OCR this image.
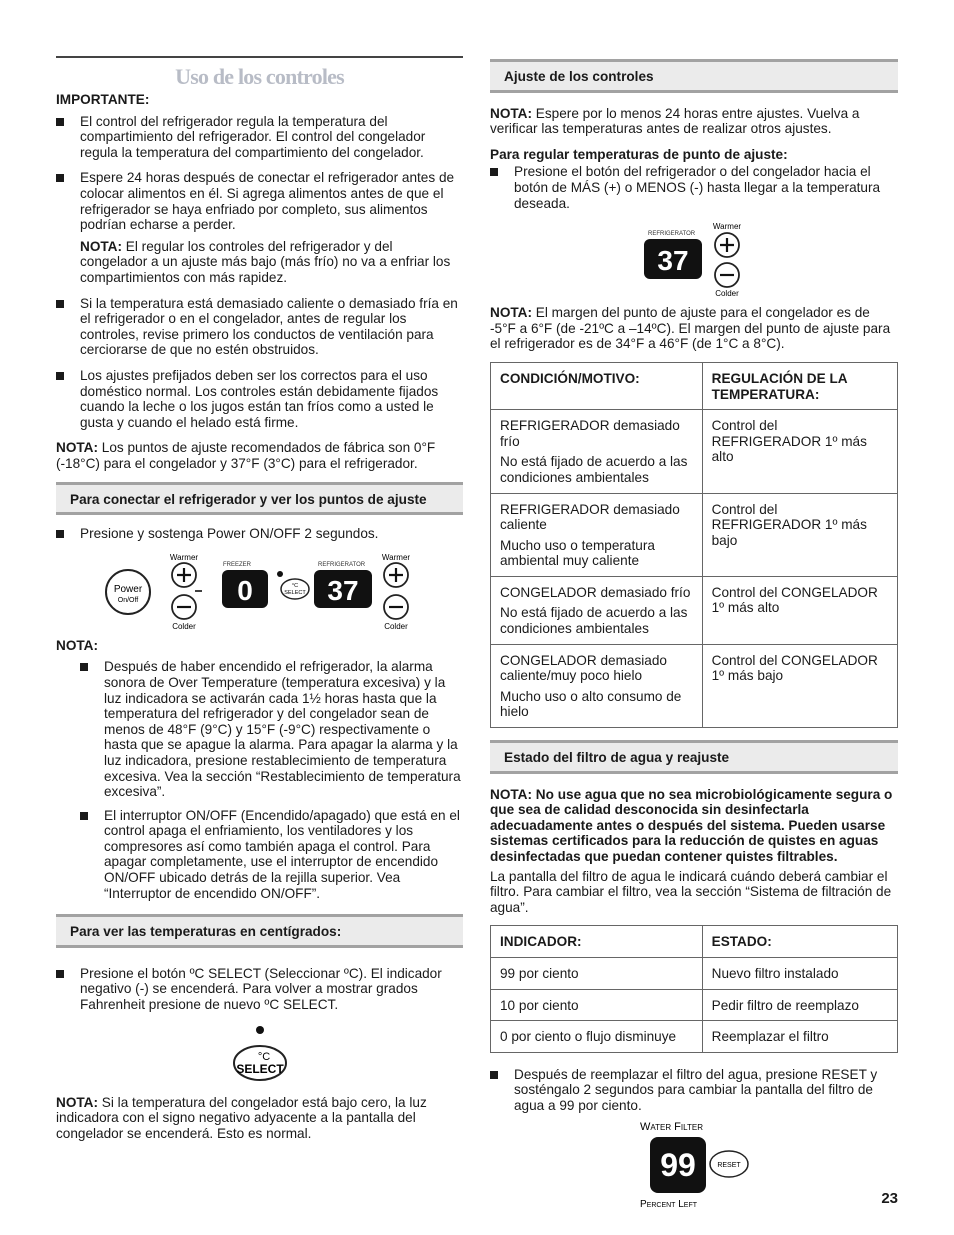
Uso de los controles

IMPORTANTE:

El control del refrigerador regula la temperatura del compartimiento del refrigerador. El control del congelador regula la temperatura del compartimiento del congelador.
Espere 24 horas después de conectar el refrigerador antes de colocar alimentos en él. Si agrega alimentos antes de que el refrigerador se haya enfriado por completo, sus alimentos podrían echarse a perder.

NOTA: El regular los controles del refrigerador y del congelador a un ajuste más bajo (más frío) no va a enfriar los compartimientos con más rapidez.

Si la temperatura está demasiado caliente o demasiado fría en el refrigerador o en el congelador, antes de regular los controles, revise primero los conductos de ventilación para cerciorarse de que no estén obstruidos.
Los ajustes prefijados deben ser los correctos para el uso doméstico normal. Los controles están debidamente fijados cuando la leche o los jugos están tan fríos como a usted le gusta y cuando el helado está firme.

NOTA: Los puntos de ajuste recomendados de fábrica son 0°F (-18°C) para el congelador y 37°F (3°C) para el refrigerador.

Para conectar el refrigerador y ver los puntos de ajuste
Presione y sostenga Power ON/OFF 2 segundos.
Power
On/Off
Warmer
Colder
FREEZER
0	°C
SELECT
REFRIGERATOR
37
Warmer
Colder

NOTA:

Después de haber encendido el refrigerador, la alarma sonora de Over Temperature (temperatura excesiva) y la luz indicadora se activarán cada 1½ horas hasta que la temperatura del refrigerador y del congelador sean de menos de 48°F (9°C) y 15°F (-9°C) respectivamente o hasta que se apague la alarma. Para apagar la alarma y la luz indicadora, presione restablecimiento de temperatura excesiva. Vea la sección “Restablecimiento de temperatura excesiva”.
El interruptor ON/OFF (Encendido/apagado) que está en el control apaga el enfriamiento, los ventiladores y los compresores así como también apaga el control. Para apagar completamente, use el interruptor de encendido ON/OFF ubicado detrás de la rejilla superior. Vea “Interruptor de encendido ON/OFF”.
Para ver las temperaturas en centígrados:
Presione el botón ºC SELECT (Seleccionar ºC). El indicador negativo (-) se encenderá. Para volver a mostrar grados Fahrenheit presione de nuevo ºC SELECT.
°C
SELECT

NOTA: Si la temperatura del congelador está bajo cero, la luz indicadora con el signo negativo adyacente a la pantalla del congelador se encenderá. Esto es normal.

Ajuste de los controles

NOTA: Espere por lo menos 24 horas entre ajustes. Vuelva a verificar las temperaturas antes de realizar otros ajustes.

Para regular temperaturas de punto de ajuste:

Presione el botón del refrigerador o del congelador hacia el botón de MÁS (+) o MENOS (-) hasta llegar a la temperatura deseada.
REFRIGERATOR
37
Warmer
Colder

NOTA: El margen del punto de ajuste para el congelador es de -5°F a 6°F (de -21ºC a –14ºC). El margen del punto de ajuste para el refrigerador es de 34°F a 46°F (de 1°C a 8°C).

CONDICIÓN/MOTIVO:	REGULACIÓN DE LA TEMPERATURA:

REFRIGERADOR demasiado frío

No está fijado de acuerdo a las condiciones ambientales	Control del REFRIGERADOR 1º más alto

REFRIGERADOR demasiado caliente

Mucho uso o temperatura ambiental muy caliente	Control del REFRIGERADOR 1º más bajo

CONGELADOR demasiado frío

No está fijado de acuerdo a las condiciones ambientales	Control del CONGELADOR 1º más alto

CONGELADOR demasiado caliente/muy poco hielo

Mucho uso o alto consumo de hielo	Control del CONGELADOR 1º más bajo
Estado del filtro de agua y reajuste

NOTA: No use agua que no sea microbiológicamente segura o que sea de calidad desconocida sin desinfectarla adecuadamente antes o después del sistema. Pueden usarse sistemas certificados para la reducción de quistes en aguas desinfectadas que puedan contener quistes filtrables.

La pantalla del filtro de agua le indicará cuándo deberá cambiar el filtro. Para cambiar el filtro, vea la sección “Sistema de filtración de agua”.

INDICADOR:	ESTADO:
99 por ciento	Nuevo filtro instalado
10 por ciento	Pedir filtro de reemplazo
0 por ciento o flujo disminuye	Reemplazar el filtro
Después de reemplazar el filtro del agua, presione RESET y sosténgalo 2 segundos para cambiar la pantalla del filtro de agua a 99 por ciento.
Water Filter
99	RESET
Percent Left	23
